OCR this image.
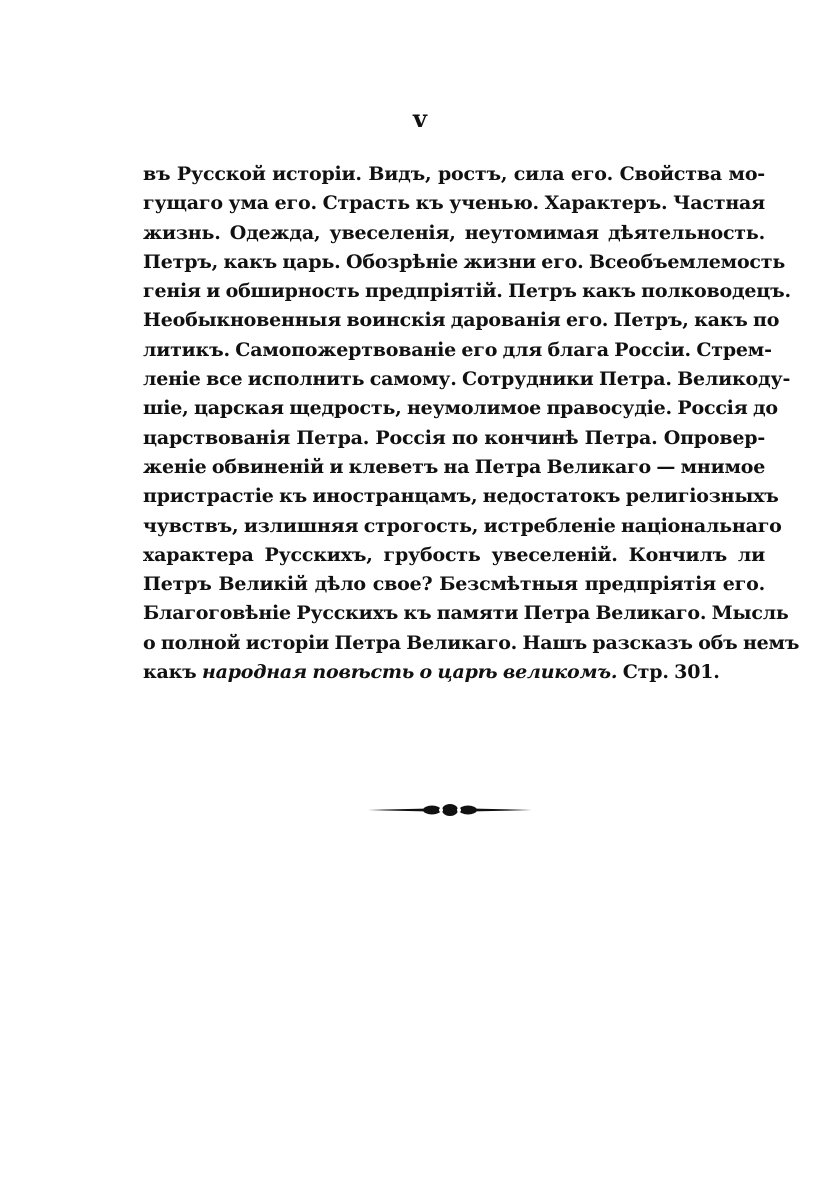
v
въ Русской исторіи. Видъ, ростъ, сила его. Свойства мо-
гущаго ума его. Страсть къ ученью. Характеръ. Частная
жизнь. Одежда, увеселенія, неутомимая дѣятельность.
Петръ, какъ царь. Обозрѣніе жизни его. Всеобъемлемость
генія и обширность предпріятій. Петръ какъ полководецъ.
Необыкновенныя воинскія дарованія его. Петръ, какъ по
литикъ. Самопожертвованіе его для блага Россіи. Стрем-
леніе все исполнить самому. Сотрудники Петра. Великоду-
шіе, царская щедрость, неумолимое правосудіе. Россія до
царствованія Петра. Россія по кончинѣ Петра. Опровер-
женіе обвиненій и клеветъ на Петра Великаго — мнимое
пристрастіе къ иностранцамъ, недостатокъ религіозныхъ
чувствъ, излишняя строгость, истребленіе національнаго
характера Русскихъ, грубость увеселеній. Кончилъ ли
Петръ Великій дѣло свое? Безсмѣтныя предпріятія его.
Благоговѣніе Русскихъ къ памяти Петра Великаго. Мысль
о полной исторіи Петра Великаго. Нашъ разсказъ объ немъ
какъ народная повѣсть о царѣ великомъ. Стр. 301.
